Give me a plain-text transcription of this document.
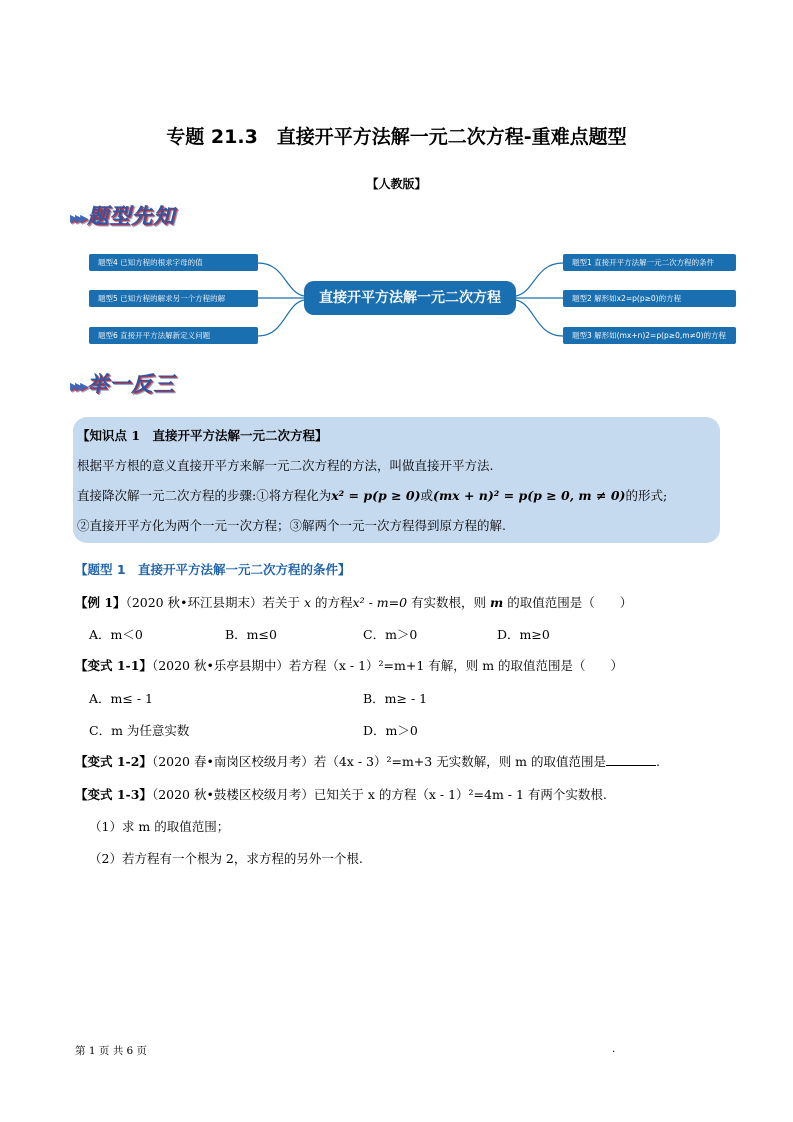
专题 21.3　直接开平方法解一元二次方程-重难点题型
【人教版】
▸▸▸题型先知
题型4 已知方程的根求字母的值
题型5 已知方程的解求另一个方程的解
题型6 直接开平方法解新定义问题
直接开平方法解一元二次方程
题型1 直接开平方法解一元二次方程的条件
题型2 解形如x2=p(p≥0)的方程
题型3 解形如(mx+n)2=p(p≥0,m≠0)的方程
▸▸▸举一反三
【知识点 1　直接开平方法解一元二次方程】
根据平方根的意义直接开平方来解一元二次方程的方法，叫做直接开平方法.
直接降次解一元二次方程的步骤:①将方程化为x² = p(p ≥ 0)或(mx + n)² = p(p ≥ 0, m ≠ 0)的形式;
②直接开平方化为两个一元一次方程；③解两个一元一次方程得到原方程的解.
【题型 1　直接开平方法解一元二次方程的条件】
【例 1】（2020 秋•环江县期末）若关于 x 的方程x² - m=0 有实数根，则 m 的取值范围是（　　）
A．m＜0	B．m≤0	C．m＞0	D．m≥0
【变式 1-1】（2020 秋•乐亭县期中）若方程（x - 1）²=m+1 有解，则 m 的取值范围是（　　）
A．m≤ - 1	B．m≥ - 1
C．m 为任意实数	D．m＞0
【变式 1-2】（2020 春•南岗区校级月考）若（4x - 3）²=m+3 无实数解，则 m 的取值范围是	.
【变式 1-3】（2020 秋•鼓楼区校级月考）已知关于 x 的方程（x - 1）²=4m - 1 有两个实数根.
（1）求 m 的取值范围；
（2）若方程有一个根为 2，求方程的另外一个根.
第 1 页 共 6 页	.
